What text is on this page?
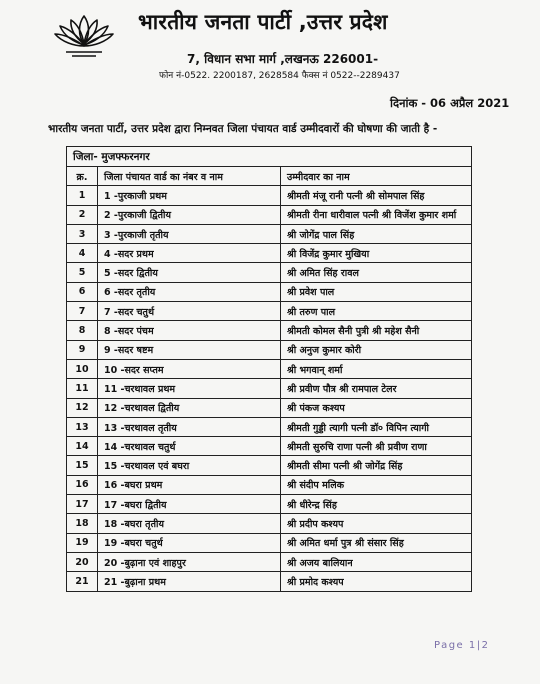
भारतीय जनता पार्टी ,उत्तर प्रदेश
7, विधान सभा मार्ग ,लखनऊ 226001-
फोन नं-0522. 2200187, 2628584 फैक्स नं 0522--2289437
दिनांक - 06 अप्रैल 2021
भारतीय जनता पार्टी, उत्तर प्रदेश द्वारा निम्नवत जिला पंचायत वार्ड उम्मीदवारों की घोषणा की जाती है -
जिला- मुजफ्फरनगर		
क्र.	जिला पंचायत वार्ड का नंबर व नाम	उम्मीदवार का नाम
1	1 -पुरकाजी प्रथम	श्रीमती मंजू रानी पत्नी श्री सोमपाल सिंह
2	2 -पुरकाजी द्वितीय	श्रीमती रीना धारीवाल पत्नी श्री विजेंश कुमार शर्मा
3	3 -पुरकाजी तृतीय	श्री जोगेंद्र पाल सिंह
4	4 -सदर प्रथम	श्री विजेंद्र कुमार मुखिया
5	5 -सदर द्वितीय	श्री अमित सिंह रावल
6	6 -सदर तृतीय	श्री प्रवेश पाल
7	7 -सदर चतुर्थ	श्री तरुण पाल
8	8 -सदर पंचम	श्रीमती कोमल सैनी पुत्री श्री महेश सैनी
9	9 -सदर षष्टम	श्री अनुज कुमार कोरी
10	10 -सदर सप्तम	श्री भगवान् शर्मा
11	11 -चरथावल प्रथम	श्री प्रवीण पौत्र श्री रामपाल टेलर
12	12 -चरथावल द्वितीय	श्री पंकज कश्यप
13	13 -चरथावल तृतीय	श्रीमती गुड्डी त्यागी पत्नी डॉ० विपिन त्यागी
14	14 -चरथावल चतुर्थ	श्रीमती सुरुचि राणा पत्नी श्री प्रवीण राणा
15	15 -चरथावल एवं बघरा	श्रीमती सीमा पत्नी श्री जोगेंद्र सिंह
16	16 -बघरा प्रथम	श्री संदीप मलिक
17	17 -बघरा द्वितीय	श्री धीरेन्द्र सिंह
18	18 -बघरा तृतीय	श्री प्रदीप कश्यप
19	19 -बघरा चतुर्थ	श्री अमित धर्मा पुत्र श्री संसार सिंह
20	20 -बुढ़ाना एवं शाहपुर	श्री अजय बालियान
21	21 -बुढ़ाना प्रथम	श्री प्रमोद कश्यप
Page 1|2
